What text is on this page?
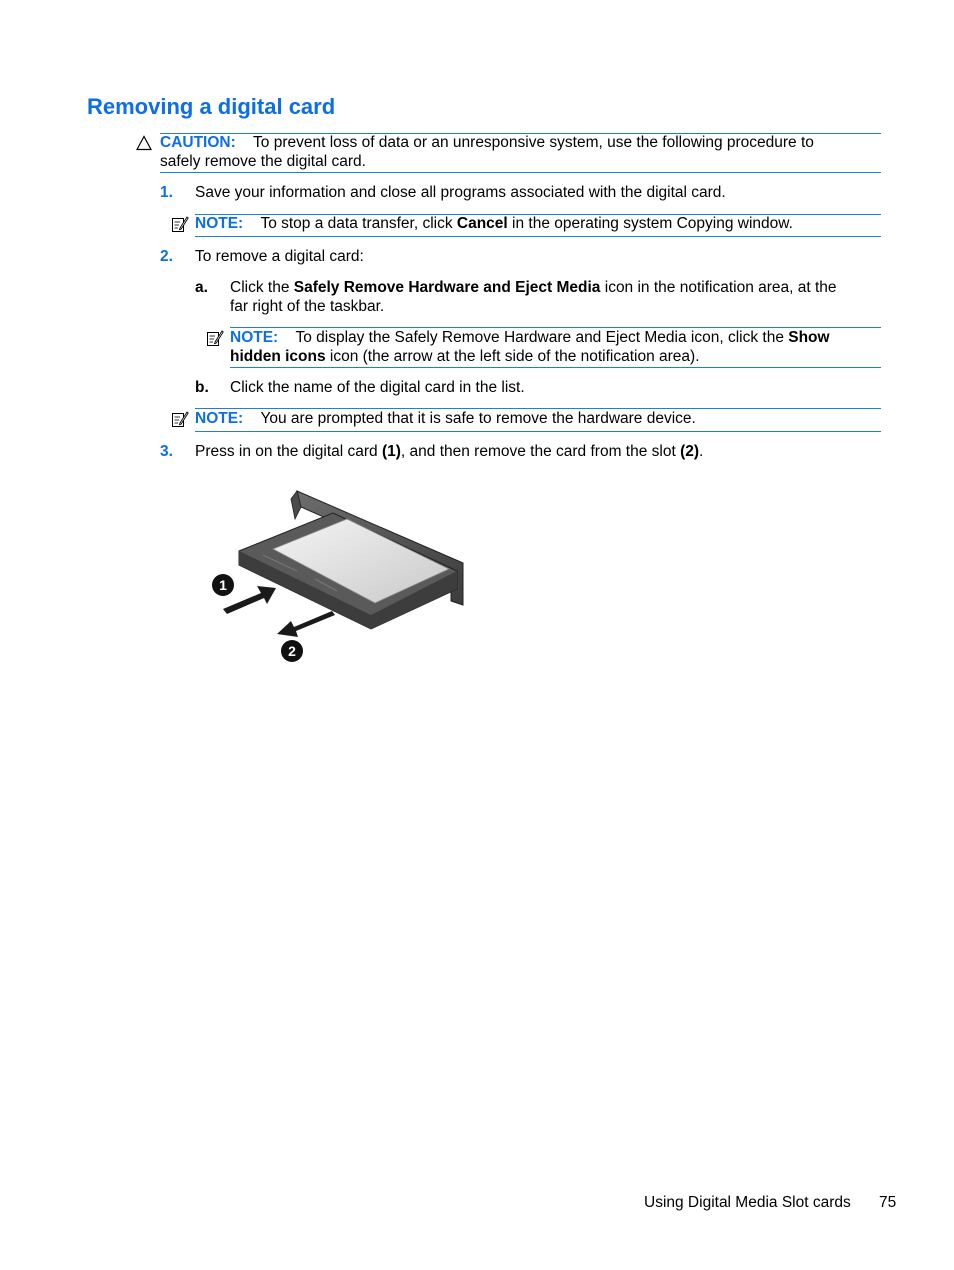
Removing a digital card
CAUTION: To prevent loss of data or an unresponsive system, use the following procedure to
safely remove the digital card.
1. Save your information and close all programs associated with the digital card.
NOTE: To stop a data transfer, click Cancel in the operating system Copying window.
2. To remove a digital card:
a. Click the Safely Remove Hardware and Eject Media icon in the notification area, at the
far right of the taskbar.
NOTE: To display the Safely Remove Hardware and Eject Media icon, click the Show
hidden icons icon (the arrow at the left side of the notification area).
b. Click the name of the digital card in the list.
NOTE: You are prompted that it is safe to remove the hardware device.
3. Press in on the digital card (1), and then remove the card from the slot (2).
1
2
Using Digital Media Slot cards 75
